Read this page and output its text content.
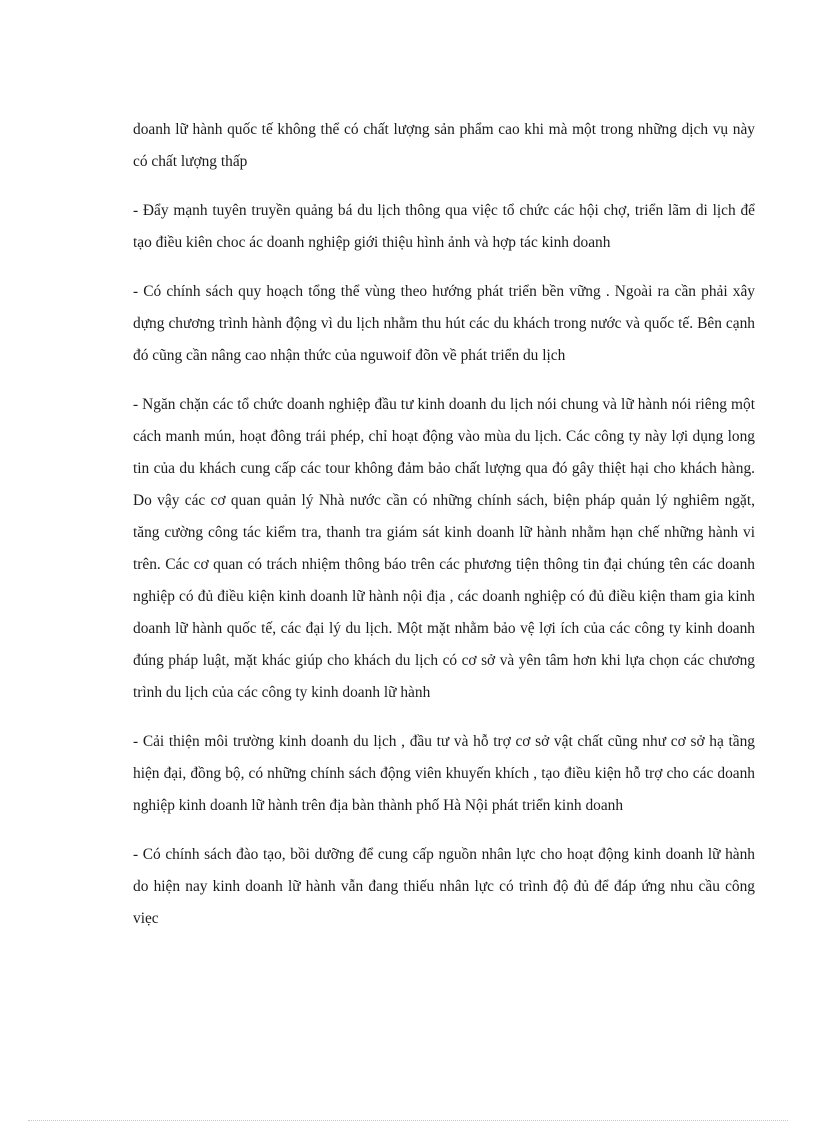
doanh lữ hành quốc tế không thể có chất lượng sản phẩm cao khi mà một trong những dịch vụ này có chất lượng thấp

- Đẩy mạnh tuyên truyền quảng bá du lịch thông qua việc tổ chức các hội chợ, triển lãm di lịch để tạo điều kiên choc ác doanh nghiệp giới thiệu hình ảnh và hợp tác kinh doanh

- Có chính sách quy hoạch tổng thể vùng theo hướng phát triển bền vững . Ngoài ra cần phải xây dựng chương trình hành động vì du lịch nhằm thu hút các du khách trong nước và quốc tế. Bên cạnh đó cũng cần nâng cao nhận thức của nguwoif đõn về phát triển du lịch

- Ngăn chặn các tổ chức doanh nghiệp đầu tư kinh doanh du lịch nói chung và lữ hành nói riêng một cách manh mún, hoạt đông trái phép, chỉ hoạt động vào mùa du lịch. Các công ty này lợi dụng long tin của du khách cung cấp các tour không đảm bảo chất lượng qua đó gây thiệt hại cho khách hàng. Do vậy các cơ quan quản lý Nhà nước cần có những chính sách, biện pháp quản lý nghiêm ngặt, tăng cường công tác kiểm tra, thanh tra giám sát kinh doanh lữ hành nhằm hạn chế những hành vi trên. Các cơ quan có trách nhiệm thông báo trên các phương tiện thông tin đại chúng tên các doanh nghiệp có đủ điều kiện kinh doanh lữ hành nội địa , các doanh nghiệp có đủ điều kiện tham gia kinh doanh lữ hành quốc tế, các đại lý du lịch. Một mặt nhằm bảo vệ lợi ích của các công ty kinh doanh đúng pháp luật, mặt khác giúp cho khách du lịch có cơ sở và yên tâm hơn khi lựa chọn các chương trình du lịch của các công ty kinh doanh lữ hành

- Cải thiện môi trường kinh doanh du lịch , đầu tư và hỗ trợ cơ sở vật chất cũng như cơ sở hạ tầng hiện đại, đồng bộ, có những chính sách động viên khuyến khích , tạo điều kiện hỗ trợ cho các doanh nghiệp kinh doanh lữ hành trên địa bàn thành phố Hà Nội phát triển kinh doanh

- Có chính sách đào tạo, bồi dưỡng để cung cấp nguồn nhân lực cho hoạt động kinh doanh lữ hành do hiện nay kinh doanh lữ hành vẫn đang thiếu nhân lực có trình độ đủ để đáp ứng nhu cầu công viẹc
